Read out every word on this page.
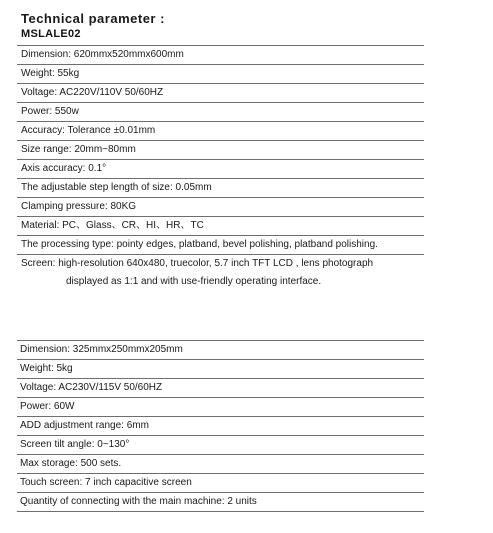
Technical parameter :
MSLALE02
Dimension: 620mmx520mmx600mm
Weight: 55kg
Voltage: AC220V/110V 50/60HZ
Power: 550w
Accuracy: Tolerance ±0.01mm
Size range: 20mm~80mm
Axis accuracy: 0.1°
The adjustable step length of size: 0.05mm
Clamping pressure: 80KG
Material: PC、Glass、CR、HI、HR、TC
The processing type: pointy edges, platband, bevel polishing, platband polishing.
Screen: high-resolution 640x480, truecolor, 5.7 inch TFT LCD , lens photograph
displayed as 1:1 and with use-friendly operating interface.
Dimension: 325mmx250mmx205mm
Weight: 5kg
Voltage: AC230V/115V 50/60HZ
Power: 60W
ADD adjustment range: 6mm
Screen tilt angle: 0~130°
Max storage: 500 sets.
Touch screen: 7 inch capacitive screen
Quantity of connecting with the main machine: 2 units
